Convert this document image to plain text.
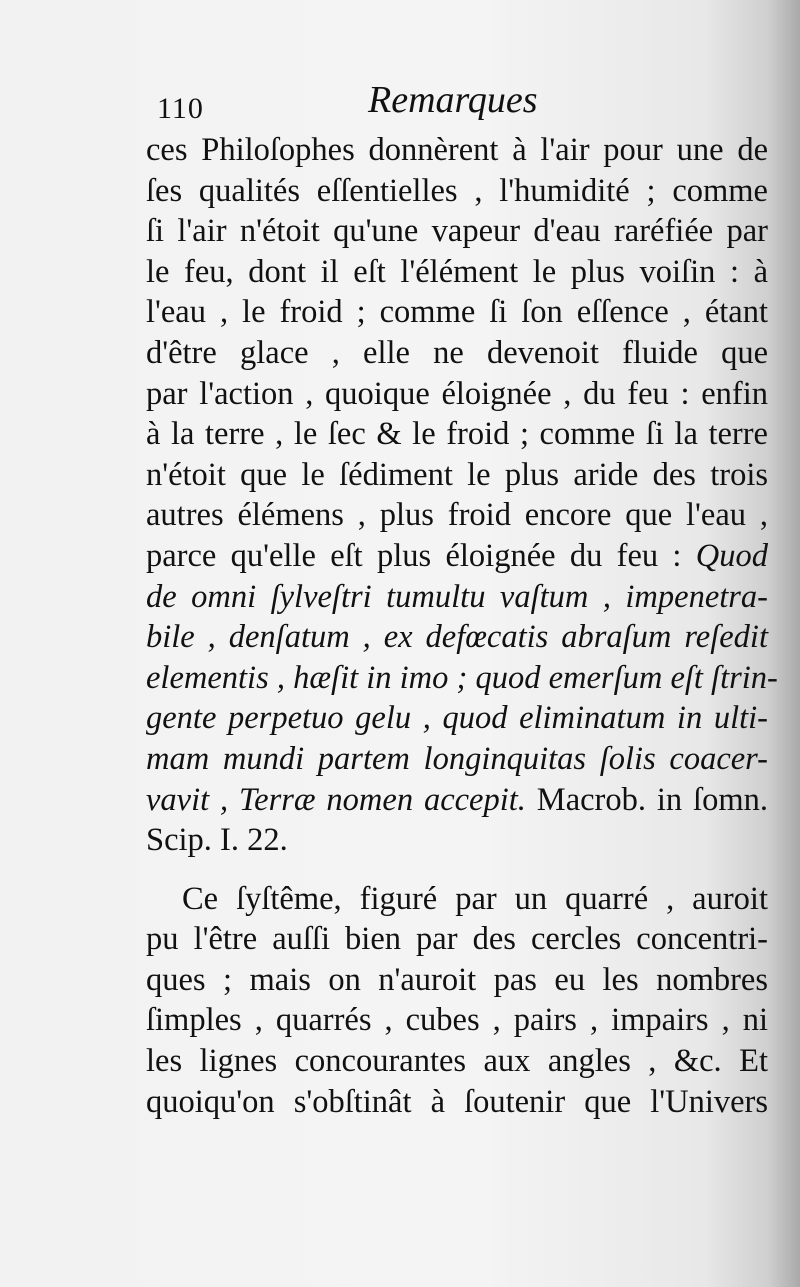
110	Remarques
ces Philoſophes donnèrent à l'air pour une de
ſes qualités eſſentielles , l'humidité ; comme
ſi l'air n'étoit qu'une vapeur d'eau raréfiée par
le feu, dont il eſt l'élément le plus voiſin : à
l'eau , le froid ; comme ſi ſon eſſence , étant
d'être glace , elle ne devenoit fluide que
par l'action , quoique éloignée , du feu : enfin
à la terre , le ſec & le froid ; comme ſi la terre
n'étoit que le ſédiment le plus aride des trois
autres élémens , plus froid encore que l'eau ,
parce qu'elle eſt plus éloignée du feu : Quod
de omni ſylveſtri tumultu vaſtum , impenetra-
bile , denſatum , ex defœcatis abraſum reſedit
elementis , hæſit in imo ; quod emerſum eſt ſtrin-
gente perpetuo gelu , quod eliminatum in ulti-
mam mundi partem longinquitas ſolis coacer-
vavit , Terræ nomen accepit. Macrob. in ſomn.
Scip. I. 22.
Ce ſyſtême, figuré par un quarré , auroit
pu l'être auſſi bien par des cercles concentri-
ques ; mais on n'auroit pas eu les nombres
ſimples , quarrés , cubes , pairs , impairs , ni
les lignes concourantes aux angles , &c. Et
quoiqu'on s'obſtinât à ſoutenir que l'Univers
